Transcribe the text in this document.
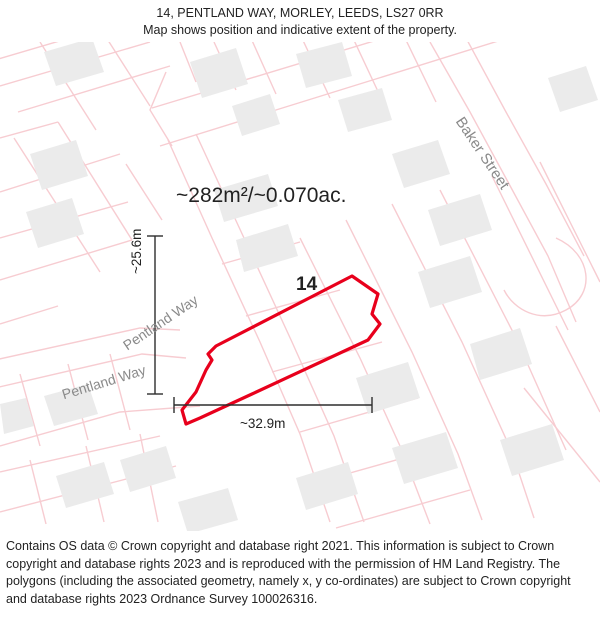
14, PENTLAND WAY, MORLEY, LEEDS, LS27 0RR
Map shows position and indicative extent of the property.
~282m²/~0.070ac.
14
~25.6m
~32.9m
Baker Street
Pentland Way
Pentland Way

Contains OS data © Crown copyright and database right 2021. This information is subject to Crown copyright and database rights 2023 and is reproduced with the permission of HM Land Registry. The polygons (including the associated geometry, namely x, y co-ordinates) are subject to Crown copyright and database rights 2023 Ordnance Survey 100026316.
